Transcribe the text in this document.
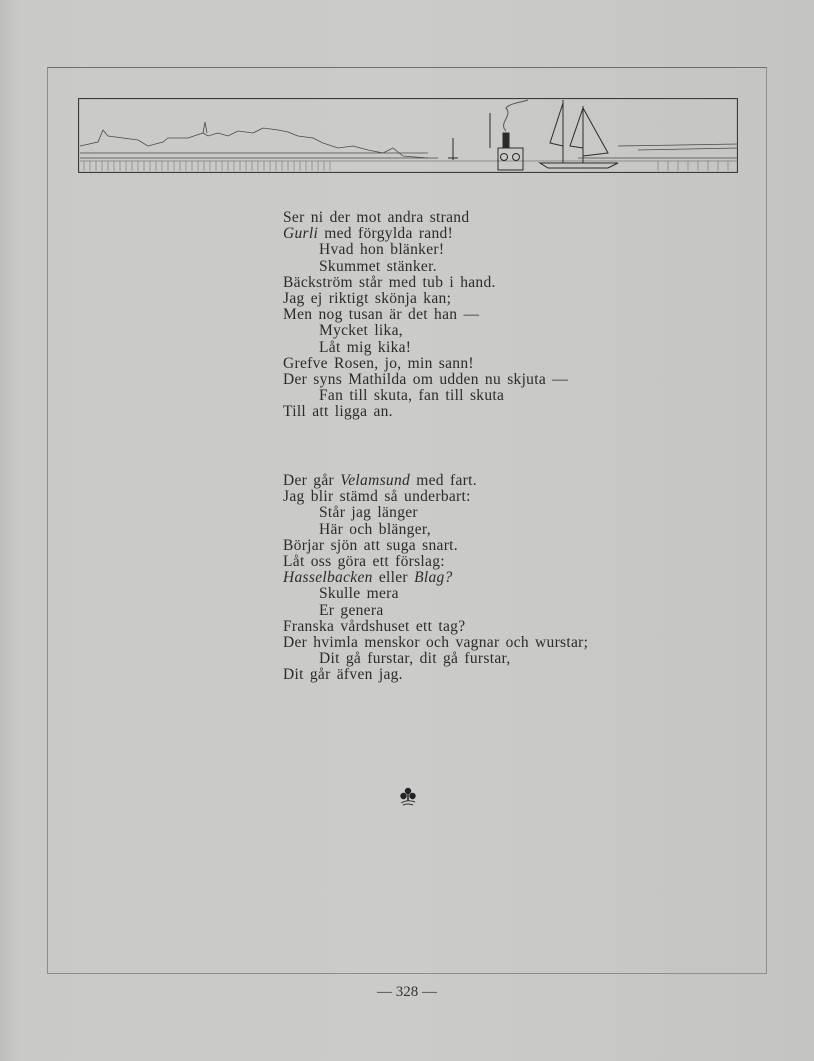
Ser ni der mot andra strand
Gurli med förgylda rand!
Hvad hon blänker!
Skummet stänker.
Bäckström står med tub i hand.
Jag ej riktigt skönja kan;
Men nog tusan är det han —
Mycket lika,
Låt mig kika!
Grefve Rosen, jo, min sann!
Der syns Mathilda om udden nu skjuta —
Fan till skuta, fan till skuta
Till att ligga an.
Der går Velamsund med fart.
Jag blir stämd så underbart:
Står jag länger
Här och blänger,
Börjar sjön att suga snart.
Låt oss göra ett förslag:
Hasselbacken eller Blag?
Skulle mera
Er genera
Franska vårdshuset ett tag?
Der hvimla menskor och vagnar och wurstar;
Dit gå furstar, dit gå furstar,
Dit går äfven jag.
— 328 —
